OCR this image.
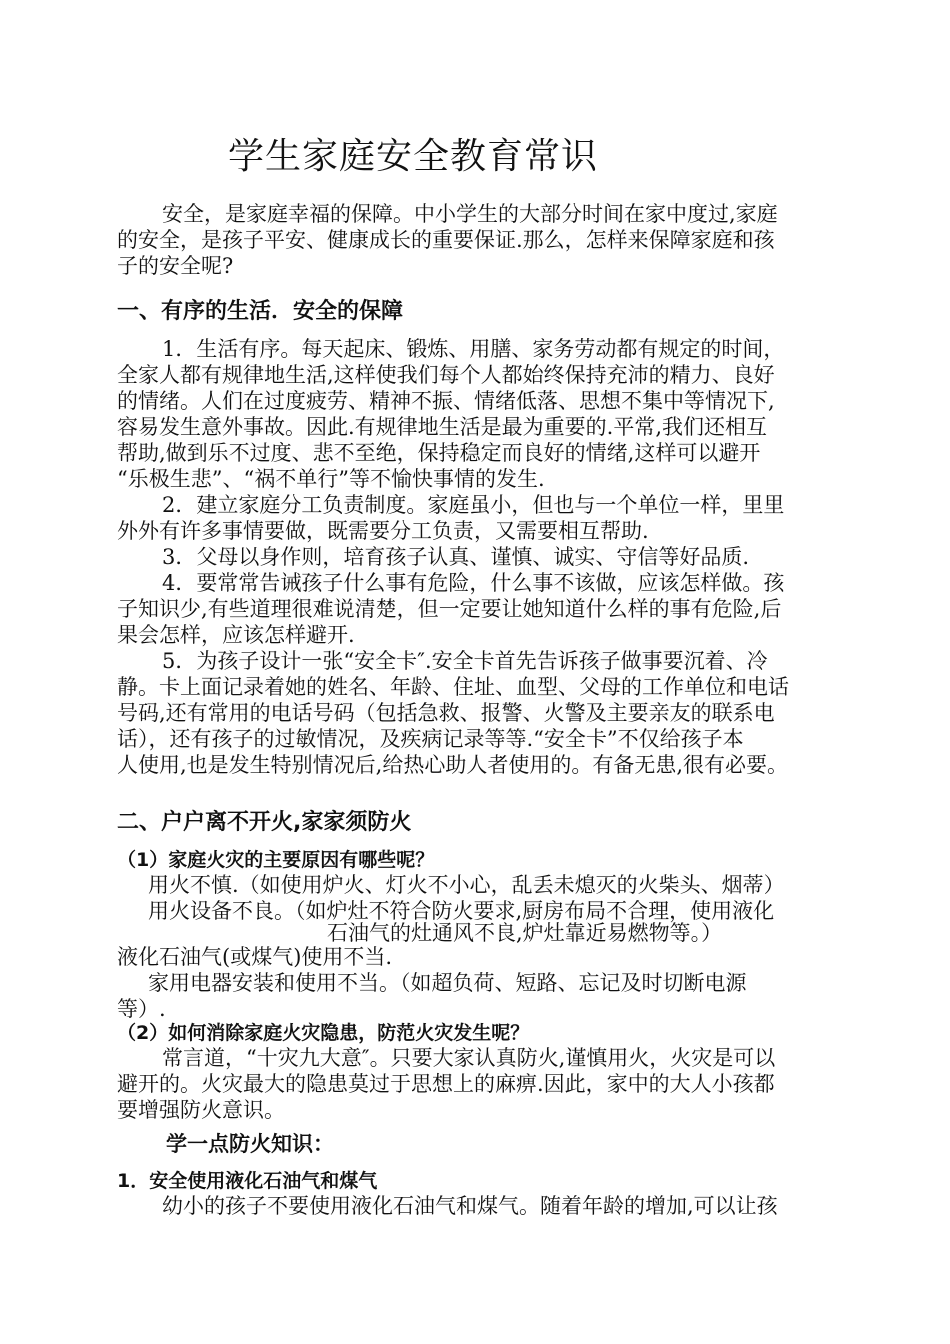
学生家庭安全教育常识
安全，是家庭幸福的保障。中小学生的大部分时间在家中度过,家庭
的安全，是孩子平安、健康成长的重要保证.那么，怎样来保障家庭和孩
子的安全呢?
一、有序的生活．安全的保障
1．生活有序。每天起床、锻炼、用膳、家务劳动都有规定的时间，
全家人都有规律地生活,这样使我们每个人都始终保持充沛的精力、良好
的情绪。人们在过度疲劳、精神不振、情绪低落、思想不集中等情况下,
容易发生意外事故。因此.有规律地生活是最为重要的.平常,我们还相互
帮助,做到乐不过度、悲不至绝，保持稳定而良好的情绪,这样可以避开
“乐极生悲”、“祸不单行”等不愉快事情的发生.
2．建立家庭分工负责制度。家庭虽小，但也与一个单位一样，里里
外外有许多事情要做，既需要分工负责，又需要相互帮助.
3．父母以身作则，培育孩子认真、谨慎、诚实、守信等好品质.
4．要常常告诫孩子什么事有危险，什么事不该做，应该怎样做。孩
子知识少,有些道理很难说清楚，但一定要让她知道什么样的事有危险,后
果会怎样，应该怎样避开.
5．为孩子设计一张“安全卡″.安全卡首先告诉孩子做事要沉着、冷
静。卡上面记录着她的姓名、年龄、住址、血型、父母的工作单位和电话
号码,还有常用的电话号码（包括急救、报警、火警及主要亲友的联系电
话），还有孩子的过敏情况，及疾病记录等等.“安全卡”不仅给孩子本
人使用,也是发生特别情况后,给热心助人者使用的。有备无患,很有必要。
二、户户离不开火,家家须防火
（1）家庭火灾的主要原因有哪些呢？
用火不慎.（如使用炉火、灯火不小心，乱丢未熄灭的火柴头、烟蒂）
用火设备不良。（如炉灶不符合防火要求,厨房布局不合理，使用液化
石油气的灶通风不良,炉灶靠近易燃物等。）
液化石油气(或煤气)使用不当.
家用电器安装和使用不当。（如超负荷、短路、忘记及时切断电源
等）.
（2）如何消除家庭火灾隐患，防范火灾发生呢？
常言道，“十灾九大意″。只要大家认真防火,谨慎用火，火灾是可以
避开的。火灾最大的隐患莫过于思想上的麻痹.因此，家中的大人小孩都
要增强防火意识。
学一点防火知识：
1．安全使用液化石油气和煤气
幼小的孩子不要使用液化石油气和煤气。随着年龄的增加,可以让孩
